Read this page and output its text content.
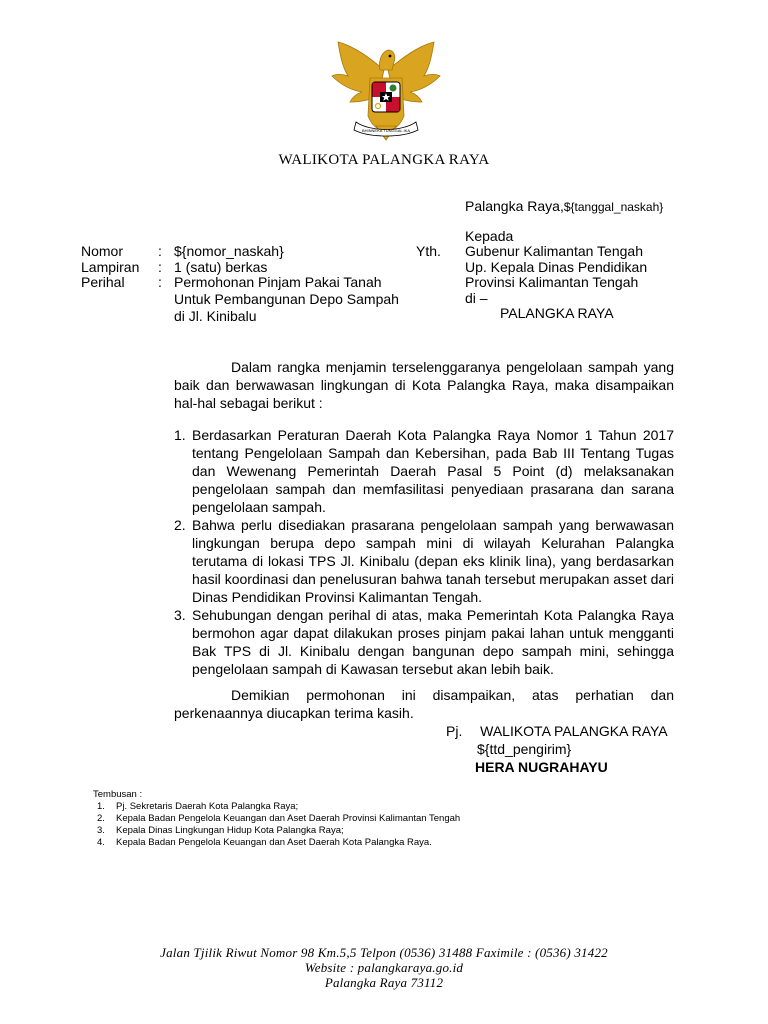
BHINNEKA TUNGGAL IKA
WALIKOTA PALANGKA RAYA
Palangka Raya,${tanggal_naskah}
Nomor	: ${nomor_naskah}
Lampiran	: 1 (satu) berkas
Perihal	: Permohonan Pinjam Pakai Tanah
Untuk Pembangunan Depo Sampah
di Jl. Kinibalu
Kepada
Yth. Gubenur Kalimantan Tengah
Up. Kepala Dinas Pendidikan
Provinsi Kalimantan Tengah
di –
PALANGKA RAYA

Dalam rangka menjamin terselenggaranya pengelolaan sampah yang baik dan berwawasan lingkungan di Kota Palangka Raya, maka disampaikan hal-hal sebagai berikut :

1. Berdasarkan Peraturan Daerah Kota Palangka Raya Nomor 1 Tahun 2017 tentang Pengelolaan Sampah dan Kebersihan, pada Bab III Tentang Tugas dan Wewenang Pemerintah Daerah Pasal 5 Point (d) melaksanakan pengelolaan sampah dan memfasilitasi penyediaan prasarana dan sarana pengelolaan sampah.
2. Bahwa perlu disediakan prasarana pengelolaan sampah yang berwawasan lingkungan berupa depo sampah mini di wilayah Kelurahan Palangka terutama di lokasi TPS Jl. Kinibalu (depan eks klinik lina), yang berdasarkan hasil koordinasi dan penelusuran bahwa tanah tersebut merupakan asset dari Dinas Pendidikan Provinsi Kalimantan Tengah.
3. Sehubungan dengan perihal di atas, maka Pemerintah Kota Palangka Raya bermohon agar dapat dilakukan proses pinjam pakai lahan untuk mengganti Bak TPS di Jl. Kinibalu dengan bangunan depo sampah mini, sehingga pengelolaan sampah di Kawasan tersebut akan lebih baik.

Demikian permohonan ini disampaikan, atas perhatian dan perkenaannya diucapkan terima kasih.

Pj. WALIKOTA PALANGKA RAYA
${ttd_pengirim}
HERA NUGRAHAYU
Tembusan :
1. Pj. Sekretaris Daerah Kota Palangka Raya;
2. Kepala Badan Pengelola Keuangan dan Aset Daerah Provinsi Kalimantan Tengah
3. Kepala Dinas Lingkungan Hidup Kota Palangka Raya;
4. Kepala Badan Pengelola Keuangan dan Aset Daerah Kota Palangka Raya.
Jalan Tjilik Riwut Nomor 98 Km.5,5 Telpon (0536) 31488 Faximile : (0536) 31422
Website : palangkaraya.go.id
Palangka Raya 73112
